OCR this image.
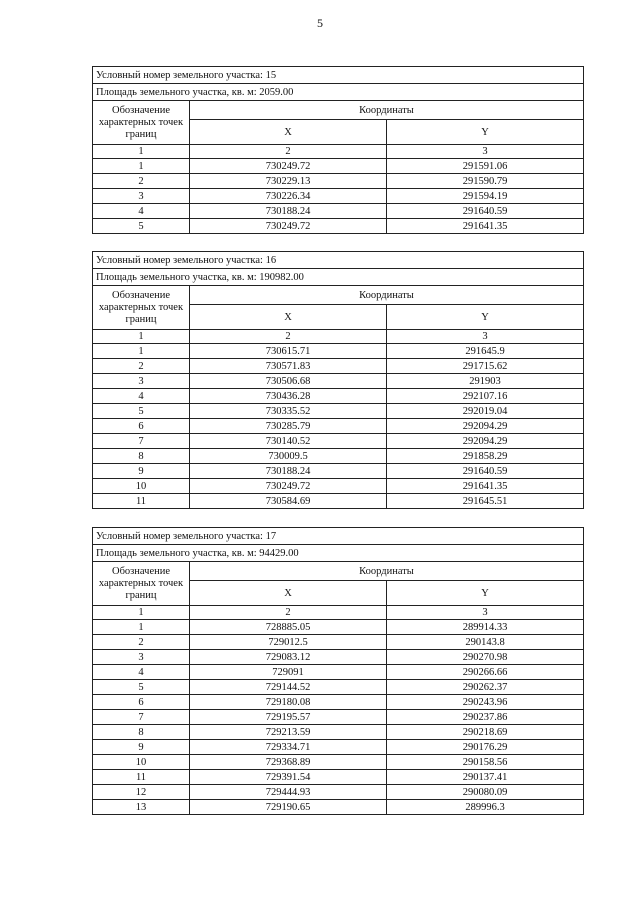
5
Условный номер земельного участка: 15
Площадь земельного участка, кв. м: 2059.00
Обозначение характерных точек границ	Координаты	
	X	Y
1	2	3
1	730249.72	291591.06
2	730229.13	291590.79
3	730226.34	291594.19
4	730188.24	291640.59
5	730249.72	291641.35
Условный номер земельного участка: 16
Площадь земельного участка, кв. м: 190982.00
Обозначение характерных точек границ	Координаты	
	X	Y
1	2	3
1	730615.71	291645.9
2	730571.83	291715.62
3	730506.68	291903
4	730436.28	292107.16
5	730335.52	292019.04
6	730285.79	292094.29
7	730140.52	292094.29
8	730009.5	291858.29
9	730188.24	291640.59
10	730249.72	291641.35
11	730584.69	291645.51
Условный номер земельного участка: 17
Площадь земельного участка, кв. м: 94429.00
Обозначение характерных точек границ	Координаты	
	X	Y
1	2	3
1	728885.05	289914.33
2	729012.5	290143.8
3	729083.12	290270.98
4	729091	290266.66
5	729144.52	290262.37
6	729180.08	290243.96
7	729195.57	290237.86
8	729213.59	290218.69
9	729334.71	290176.29
10	729368.89	290158.56
11	729391.54	290137.41
12	729444.93	290080.09
13	729190.65	289996.3
